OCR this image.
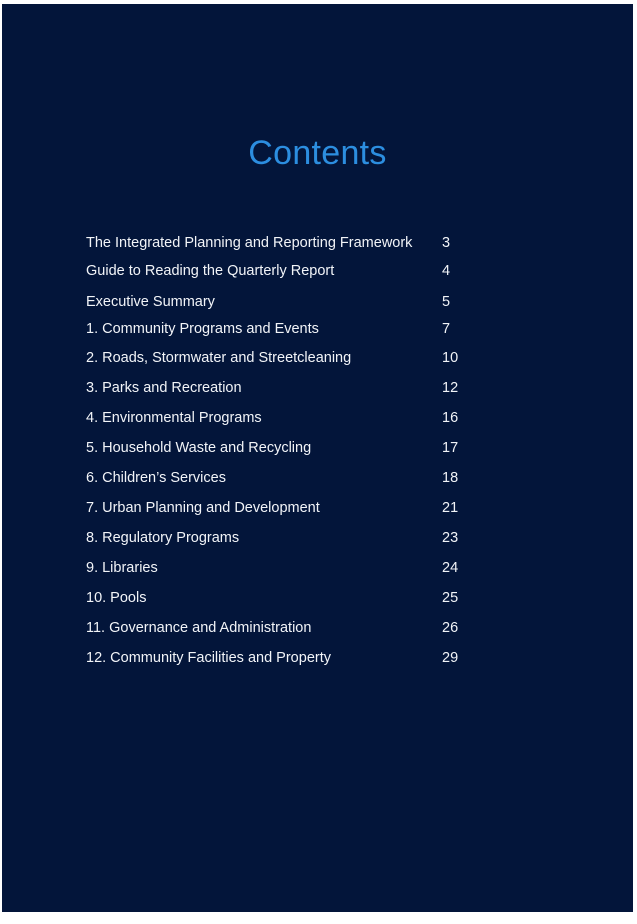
Contents
The Integrated Planning and Reporting Framework 3
Guide to Reading the Quarterly Report	4
Executive Summary	5
1. Community Programs and Events	7
2. Roads, Stormwater and Streetcleaning	10
3. Parks and Recreation	12
4. Environmental Programs	16
5. Household Waste and Recycling	17
6. Children’s Services	18
7. Urban Planning and Development	21
8. Regulatory Programs	23
9. Libraries	24
10. Pools	25
11. Governance and Administration	26
12. Community Facilities and Property	29
